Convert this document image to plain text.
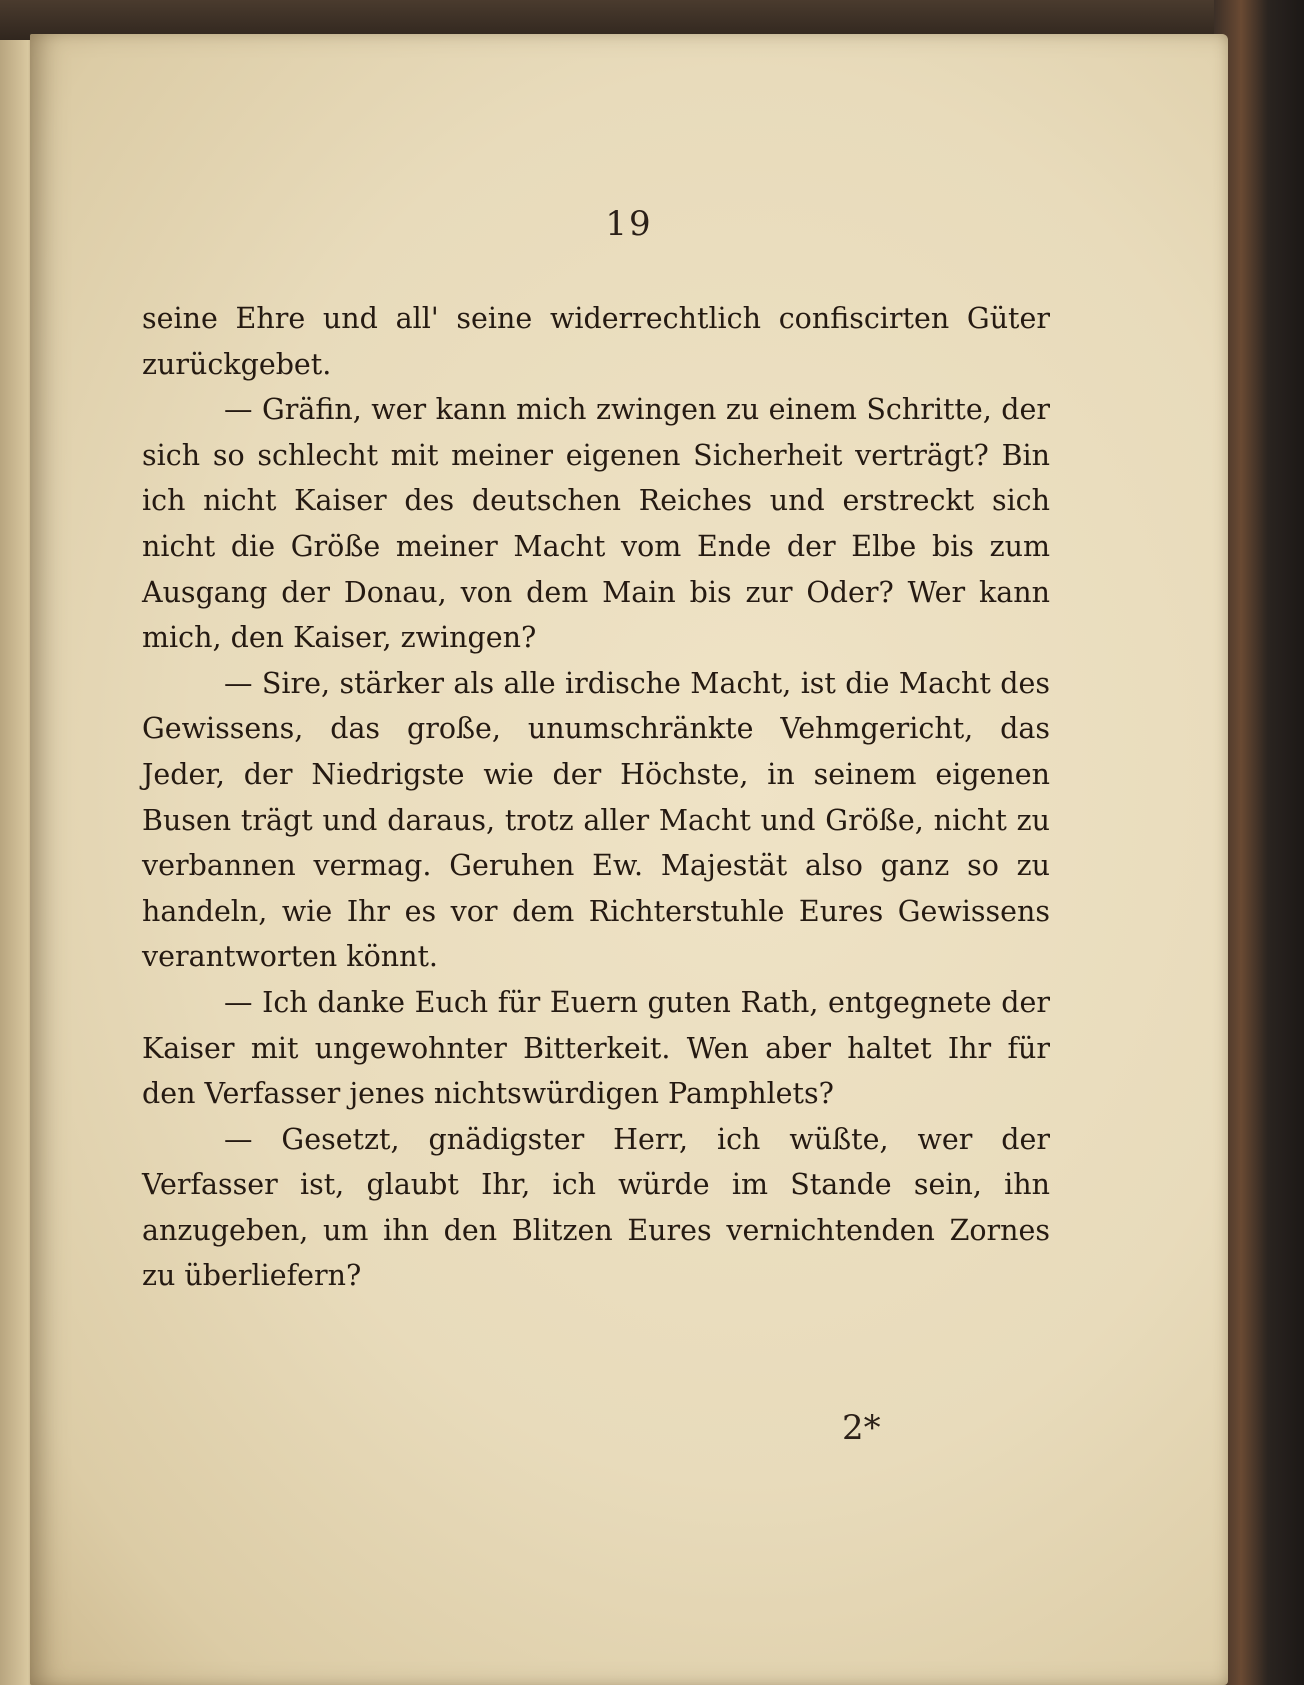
19

seine Ehre und all' seine widerrechtlich confiscirten Güter zurückgebet.

— Gräfin, wer kann mich zwingen zu einem Schritte, der sich so schlecht mit meiner eigenen Sicherheit verträgt? Bin ich nicht Kaiser des deutschen Reiches und erstreckt sich nicht die Größe meiner Macht vom Ende der Elbe bis zum Ausgang der Donau, von dem Main bis zur Oder? Wer kann mich, den Kaiser, zwingen?

— Sire, stärker als alle irdische Macht, ist die Macht des Gewissens, das große, unumschränkte Vehmgericht, das Jeder, der Niedrigste wie der Höchste, in seinem eigenen Busen trägt und daraus, trotz aller Macht und Größe, nicht zu verbannen vermag. Geruhen Ew. Majestät also ganz so zu handeln, wie Ihr es vor dem Richterstuhle Eures Gewissens verantworten könnt.

— Ich danke Euch für Euern guten Rath, entgegnete der Kaiser mit ungewohnter Bitterkeit. Wen aber haltet Ihr für den Verfasser jenes nichtswürdigen Pamphlets?

— Gesetzt, gnädigster Herr, ich wüßte, wer der Verfasser ist, glaubt Ihr, ich würde im Stande sein, ihn anzugeben, um ihn den Blitzen Eures vernichtenden Zornes zu überliefern?

2*
